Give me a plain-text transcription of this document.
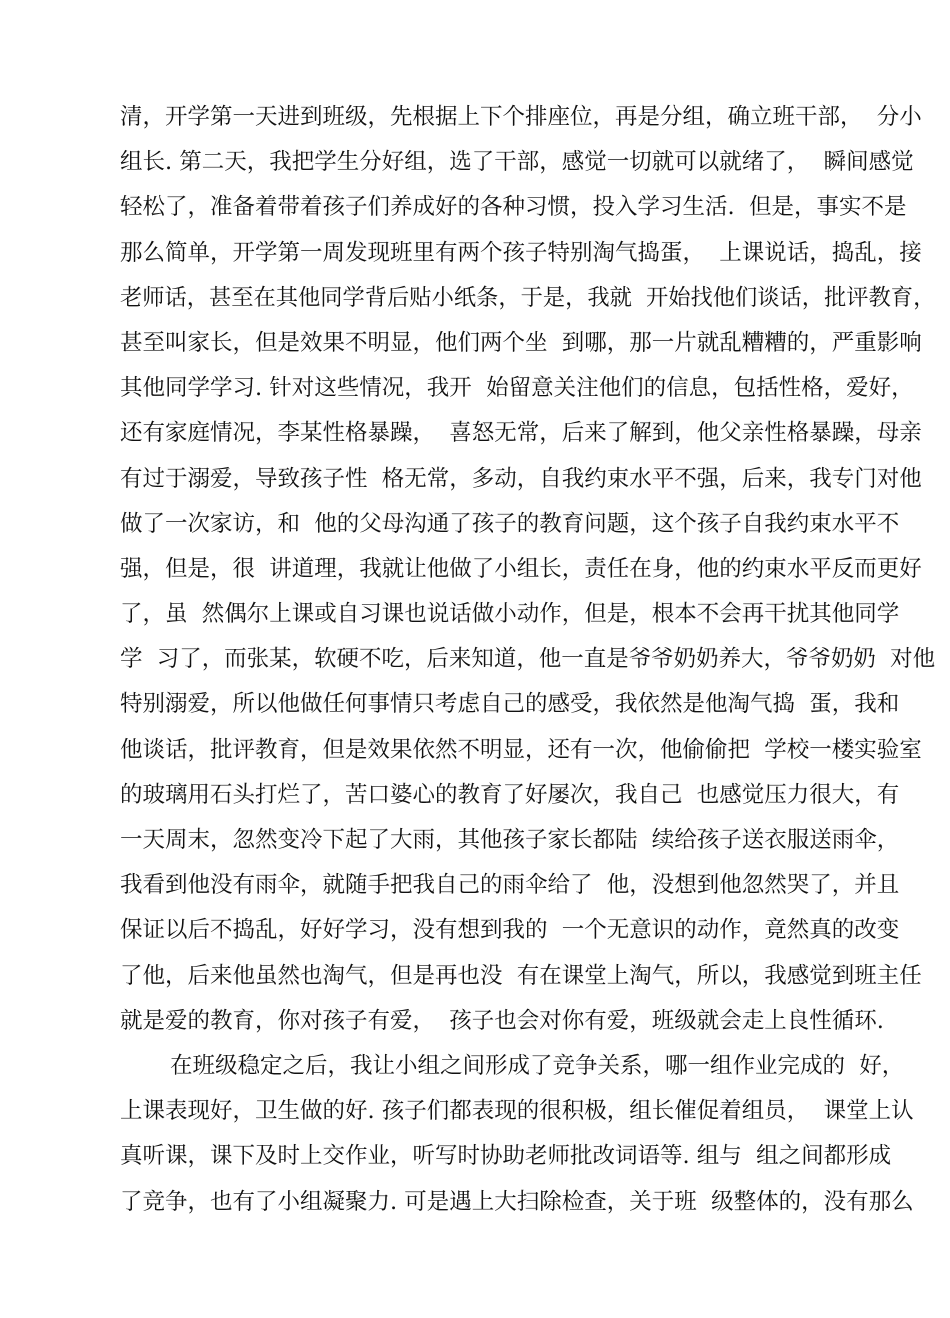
清，开学第一天进到班级，先根据上下个排座位，再是分组，确立班干部，  分小
组长. 第二天，我把学生分好组，选了干部，感觉一切就可以就绪了，  瞬间感觉
轻松了，准备着带着孩子们养成好的各种习惯，投入学习生活.  但是，事实不是
那么简单，开学第一周发现班里有两个孩子特别淘气捣蛋，  上课说话，捣乱，接
老师话，甚至在其他同学背后贴小纸条，于是，我就  开始找他们谈话，批评教育，
甚至叫家长，但是效果不明显，他们两个坐  到哪，那一片就乱糟糟的，严重影响
其他同学学习. 针对这些情况，我开  始留意关注他们的信息，包括性格，爱好，
还有家庭情况，李某性格暴躁，  喜怒无常，后来了解到，他父亲性格暴躁，母亲
有过于溺爱，导致孩子性  格无常，多动，自我约束水平不强，后来，我专门对他
做了一次家访，和  他的父母沟通了孩子的教育问题，这个孩子自我约束水平不
强，但是，很  讲道理，我就让他做了小组长，责任在身，他的约束水平反而更好
了，虽  然偶尔上课或自习课也说话做小动作，但是，根本不会再干扰其他同学
学  习了，而张某，软硬不吃，后来知道，他一直是爷爷奶奶养大，爷爷奶奶  对他
特别溺爱，所以他做任何事情只考虑自己的感受，我依然是他淘气捣  蛋，我和
他谈话，批评教育，但是效果依然不明显，还有一次，他偷偷把  学校一楼实验室
的玻璃用石头打烂了，苦口婆心的教育了好屡次，我自己  也感觉压力很大，有
一天周末，忽然变冷下起了大雨，其他孩子家长都陆  续给孩子送衣服送雨伞，
我看到他没有雨伞，就随手把我自己的雨伞给了  他，没想到他忽然哭了，并且
保证以后不捣乱，好好学习，没有想到我的  一个无意识的动作，竟然真的改变
了他，后来他虽然也淘气，但是再也没  有在课堂上淘气，所以，我感觉到班主任
就是爱的教育，你对孩子有爱，  孩子也会对你有爱，班级就会走上良性循环.
在班级稳定之后，我让小组之间形成了竞争关系，哪一组作业完成的  好，
上课表现好，卫生做的好. 孩子们都表现的很积极，组长催促着组员，  课堂上认
真听课，课下及时上交作业，听写时协助老师批改词语等. 组与  组之间都形成
了竞争，也有了小组凝聚力. 可是遇上大扫除检查，关于班  级整体的，没有那么
